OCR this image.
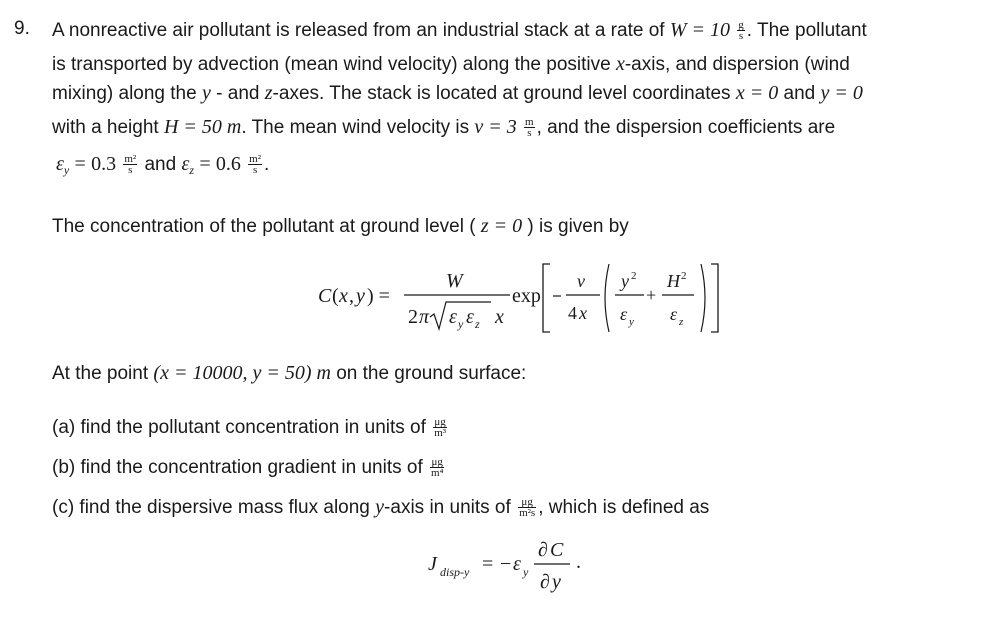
9. A nonreactive air pollutant is released from an industrial stack at a rate of $W = 10 \frac{g}{s}$ . The pollutant
is transported by advection (mean wind velocity) along the positive x-axis, and dispersion (wind
mixing) along the y - and z-axes. The stack is located at ground level coordinates x = 0 and y = 0
with a height H = 50 m. The mean wind velocity is $v = 3 \frac{m}{s}$ , and the dispersion coefficients are
$\varepsilon_y = 0.3 \frac{\text{m²}}{s}$ and $\varepsilon_z = 0.6 \frac{\text{m²}}{s}$ .
The concentration of the pollutant at ground level ( z = 0 ) is given by
C ( x , y ) =
W
2 π ε y ε z x
exp
v
4 x
y 2
ε y
+
H 2
ε z
At the point (x = 10000, y = 50) m on the ground surface:
(a) find the pollutant concentration in units of $\frac{\mu g}{\text{m³}}$
(b) find the concentration gradient in units of $\frac{\mu g}{\text{m⁴}}$
(c) find the dispersive mass flux along y-axis in units of $\frac{\mu g}{\text{m²s}}$ , which is defined as
J disp-y = − ε y
∂ C
∂ y
.
